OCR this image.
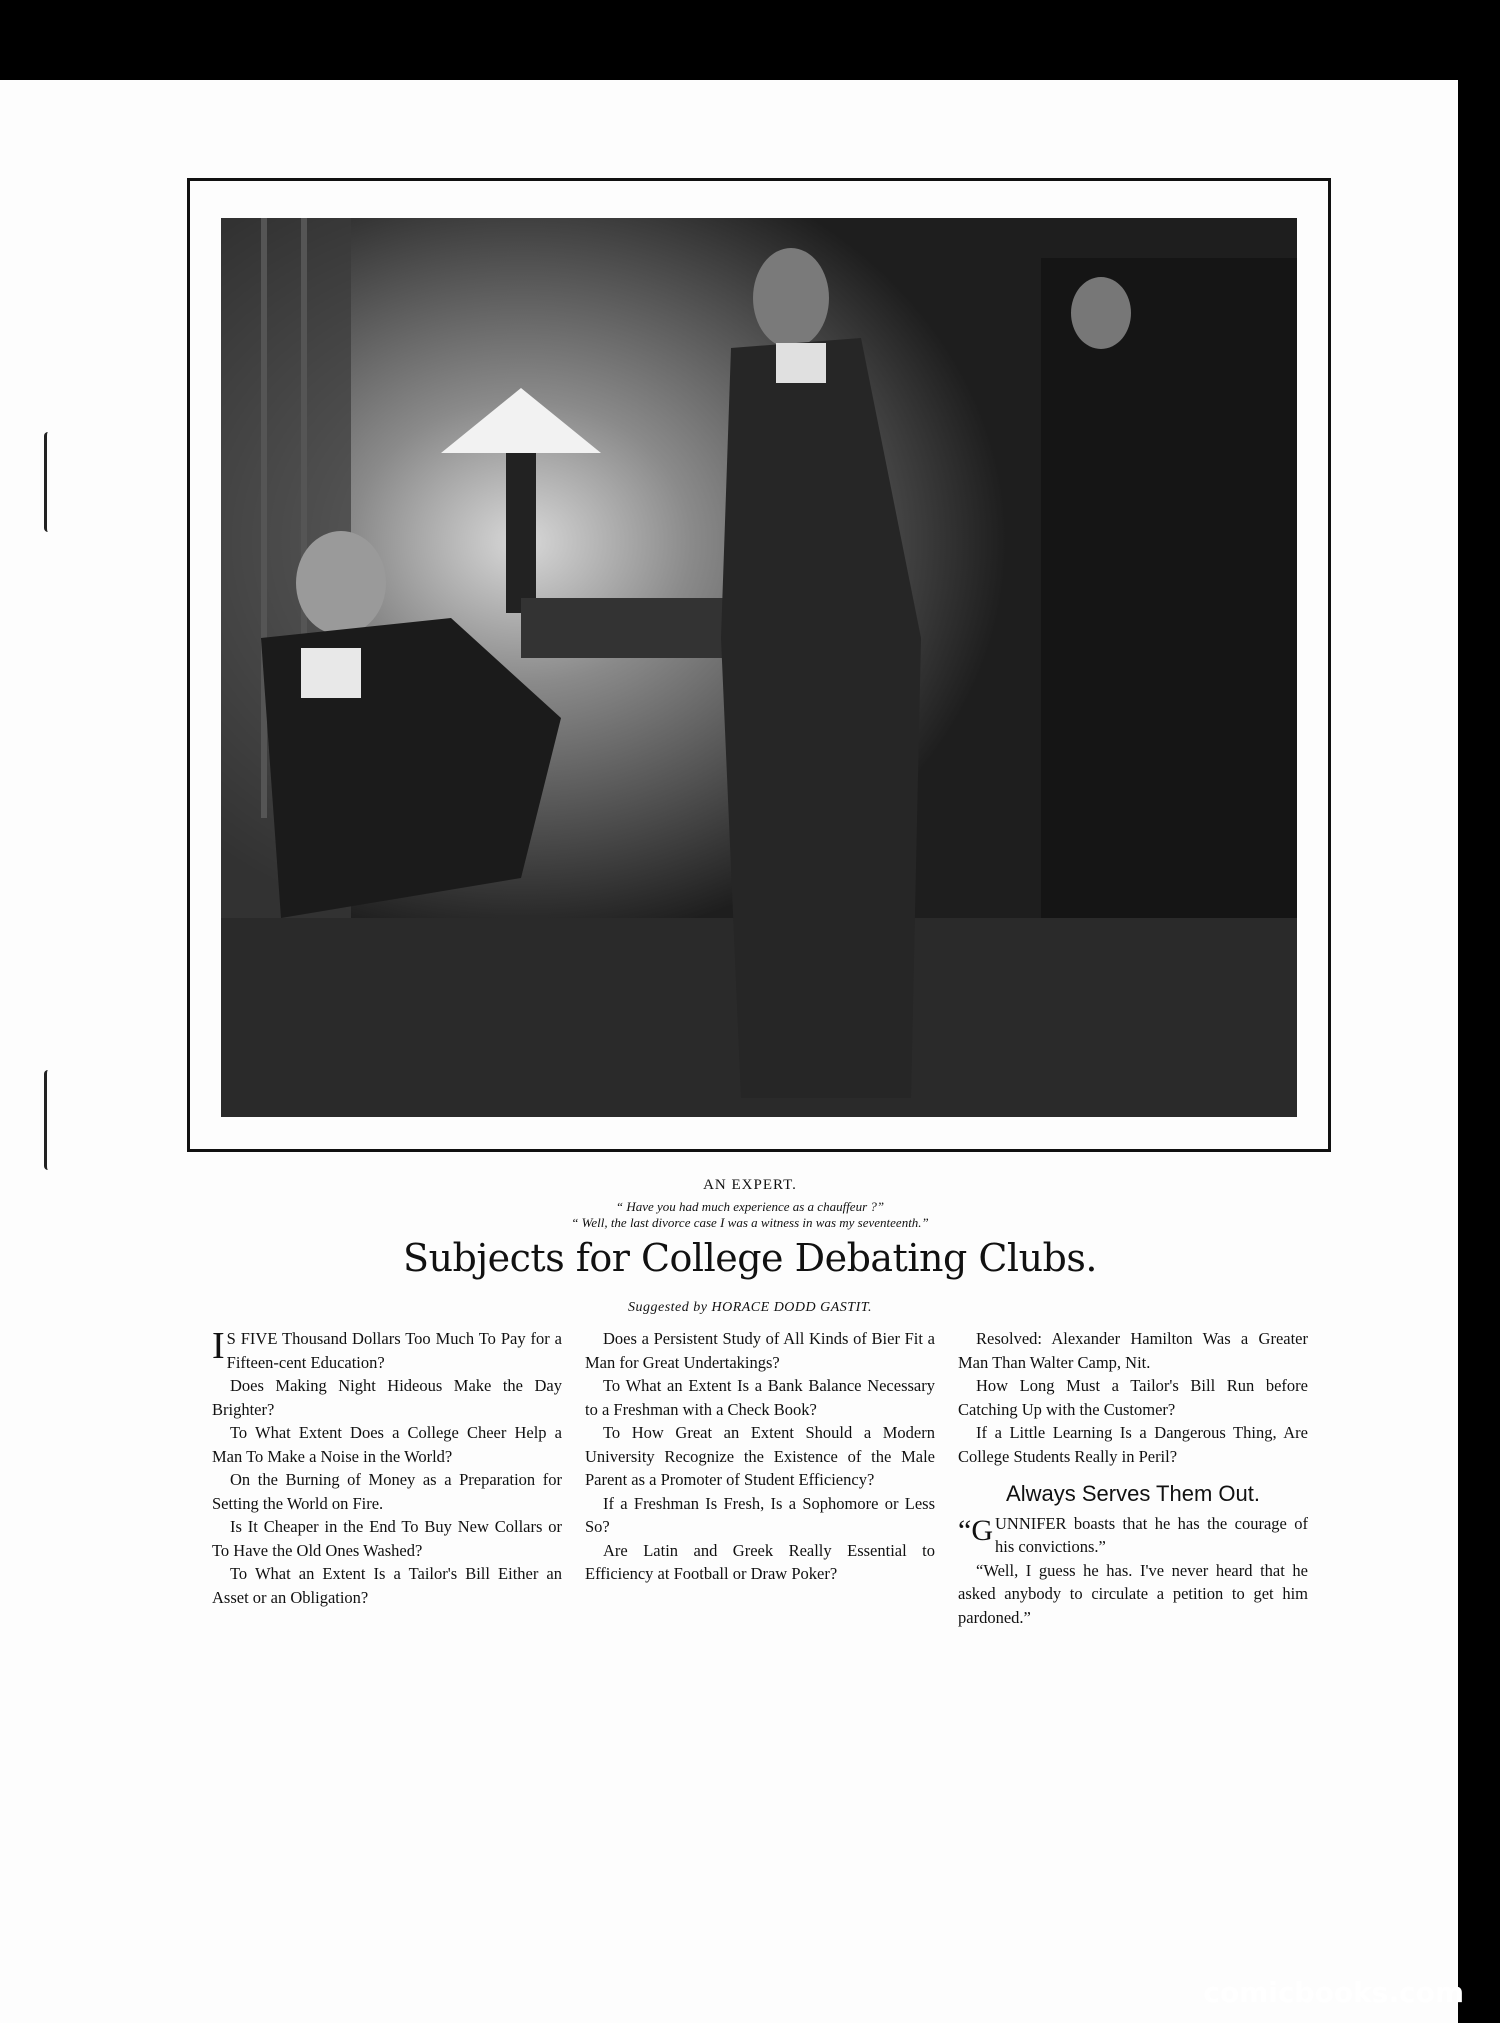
AN EXPERT.
“ Have you had much experience as a chauffeur ?”
“ Well, the last divorce case I was a witness in was my seventeenth.”
Subjects for College Debating Clubs.
Suggested by HORACE DODD GASTIT.

I S FIVE Thousand Dollars Too Much To Pay for a Fifteen-cent Education?

Does Making Night Hideous Make the Day Brighter?

To What Extent Does a College Cheer Help a Man To Make a Noise in the World?

On the Burning of Money as a Preparation for Setting the World on Fire.

Is It Cheaper in the End To Buy New Collars or To Have the Old Ones Washed?

To What an Extent Is a Tailor's Bill Either an Asset or an Obligation?

Does a Persistent Study of All Kinds of Bier Fit a Man for Great Undertakings?

To What an Extent Is a Bank Balance Necessary to a Freshman with a Check Book?

To How Great an Extent Should a Modern University Recognize the Existence of the Male Parent as a Promoter of Student Efficiency?

If a Freshman Is Fresh, Is a Sophomore or Less So?

Are Latin and Greek Really Essential to Efficiency at Football or Draw Poker?

Resolved: Alexander Hamilton Was a Greater Man Than Walter Camp, Nit.

How Long Must a Tailor's Bill Run before Catching Up with the Customer?

If a Little Learning Is a Dangerous Thing, Are College Students Really in Peril?

Always Serves Them Out.

“GUNNIFER boasts that he has the courage of his convictions.”

“Well, I guess he has. I've never heard that he asked anybody to circulate a petition to get him pardoned.”

comicbooks.com
